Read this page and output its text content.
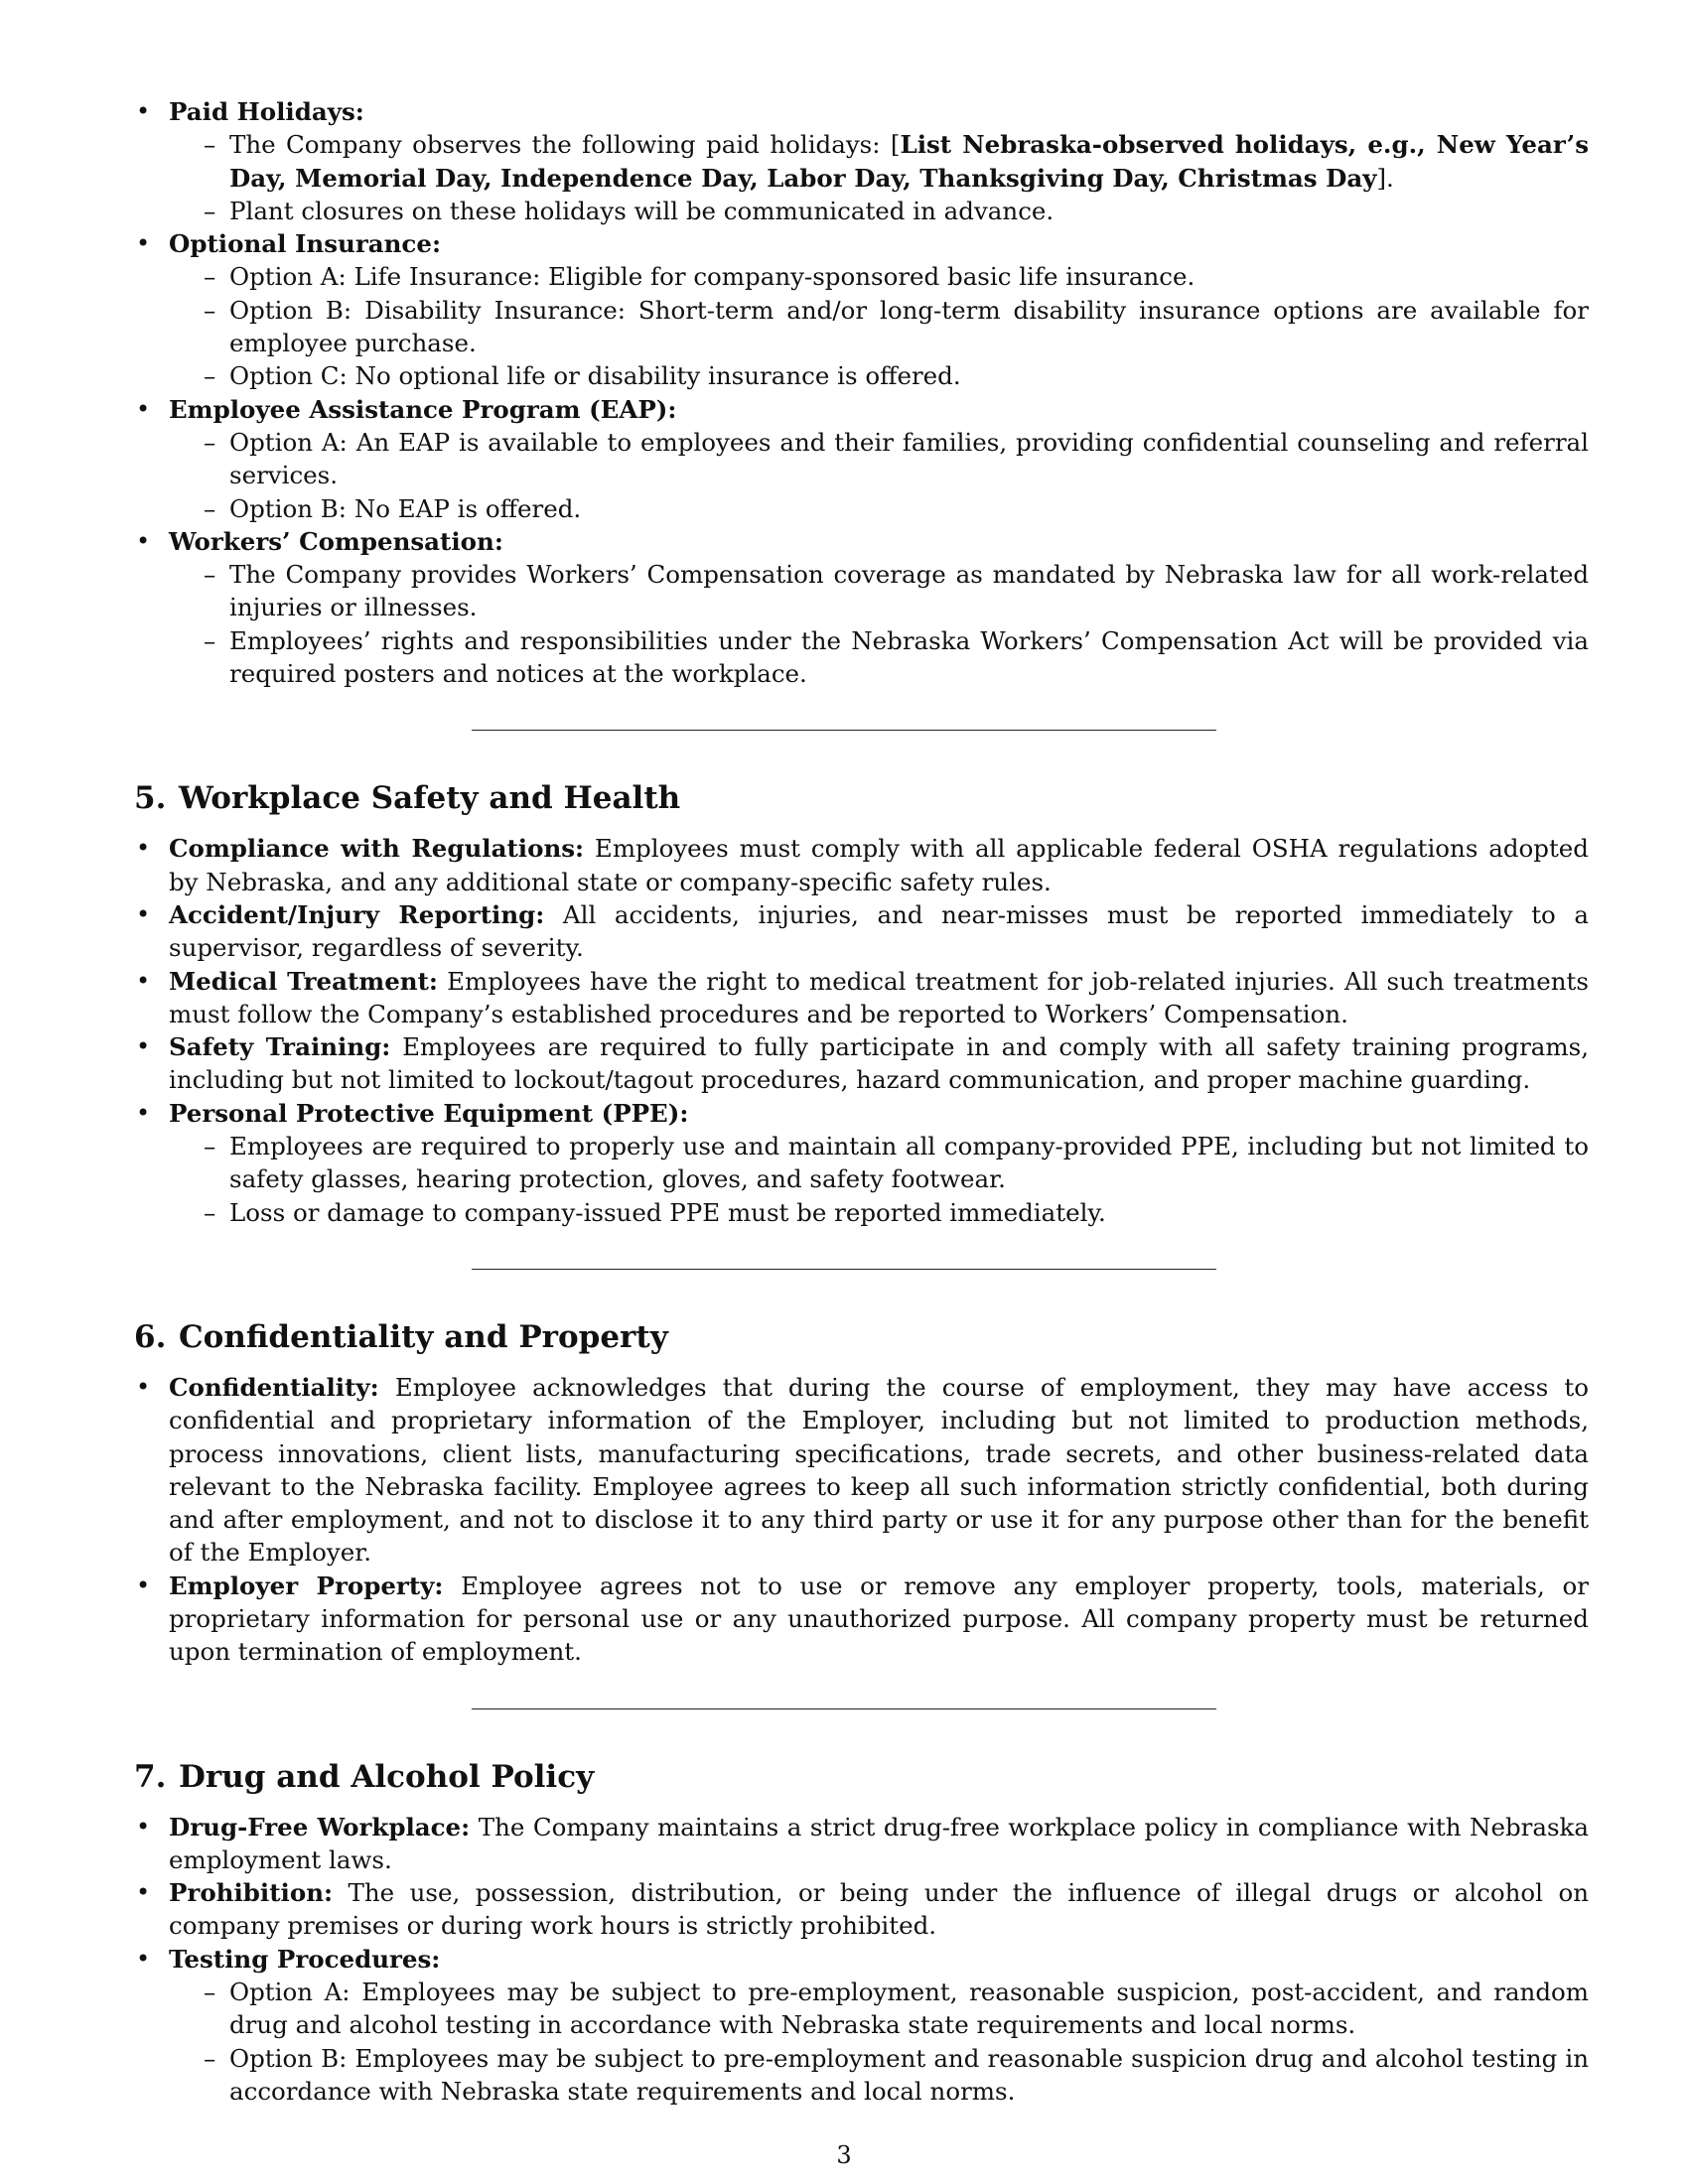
• Paid Holidays:
– The Company observes the following paid holidays: [List Nebraska-observed holidays, e.g., New Year’s Day, Memorial Day, Independence Day, Labor Day, Thanksgiving Day, Christmas Day].
– Plant closures on these holidays will be communicated in advance.
• Optional Insurance:
– Option A: Life Insurance: Eligible for company-sponsored basic life insurance.
– Option B: Disability Insurance: Short-term and/or long-term disability insurance options are available for employee purchase.
– Option C: No optional life or disability insurance is offered.
• Employee Assistance Program (EAP):
– Option A: An EAP is available to employees and their families, providing confidential counseling and referral services.
– Option B: No EAP is offered.
• Workers’ Compensation:
– The Company provides Workers’ Compensation coverage as mandated by Nebraska law for all work-related injuries or illnesses.
– Employees’ rights and responsibilities under the Nebraska Workers’ Compensation Act will be provided via required posters and notices at the workplace.
5. Workplace Safety and Health
• Compliance with Regulations: Employees must comply with all applicable federal OSHA regulations adopted by Nebraska, and any additional state or company-specific safety rules.
• Accident/Injury Reporting: All accidents, injuries, and near-misses must be reported immediately to a supervisor, regardless of severity.
• Medical Treatment: Employees have the right to medical treatment for job-related injuries. All such treatments must follow the Company’s established procedures and be reported to Workers’ Compensation.
• Safety Training: Employees are required to fully participate in and comply with all safety training programs, including but not limited to lockout/tagout procedures, hazard communication, and proper machine guarding.
• Personal Protective Equipment (PPE):
– Employees are required to properly use and maintain all company-provided PPE, including but not limited to safety glasses, hearing protection, gloves, and safety footwear.
– Loss or damage to company-issued PPE must be reported immediately.
6. Confidentiality and Property
• Confidentiality: Employee acknowledges that during the course of employment, they may have access to confidential and proprietary information of the Employer, including but not limited to production methods, process innovations, client lists, manufacturing specifications, trade secrets, and other business-related data relevant to the Nebraska facility. Employee agrees to keep all such information strictly confidential, both during and after employment, and not to disclose it to any third party or use it for any purpose other than for the benefit of the Employer.
• Employer Property: Employee agrees not to use or remove any employer property, tools, materials, or proprietary information for personal use or any unauthorized purpose. All company property must be returned upon termination of employment.
7. Drug and Alcohol Policy
• Drug-Free Workplace: The Company maintains a strict drug-free workplace policy in compliance with Nebraska employment laws.
• Prohibition: The use, possession, distribution, or being under the influence of illegal drugs or alcohol on company premises or during work hours is strictly prohibited.
• Testing Procedures:
– Option A: Employees may be subject to pre-employment, reasonable suspicion, post-accident, and random drug and alcohol testing in accordance with Nebraska state requirements and local norms.
– Option B: Employees may be subject to pre-employment and reasonable suspicion drug and alcohol testing in accordance with Nebraska state requirements and local norms.
3
